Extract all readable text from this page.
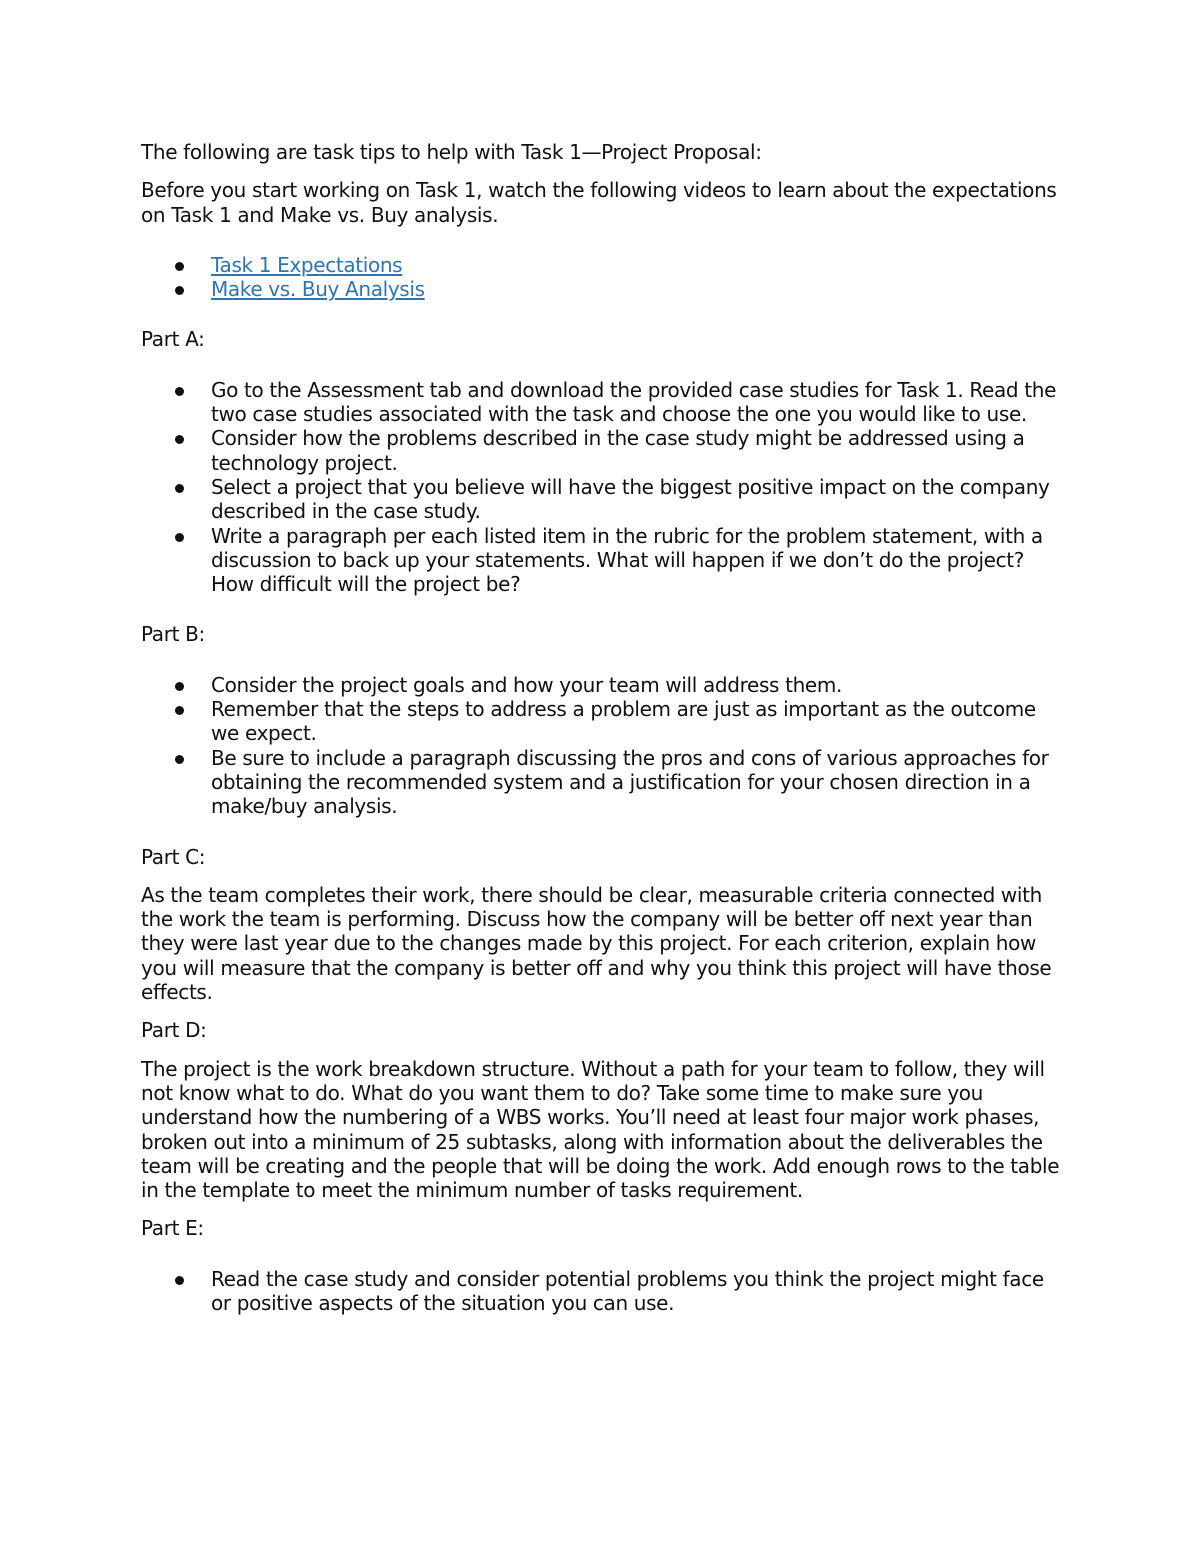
The following are task tips to help with Task 1—Project Proposal:

Before you start working on Task 1, watch the following videos to learn about the expectations on Task 1 and Make vs. Buy analysis.

Task 1 Expectations
Make vs. Buy Analysis

Part A:

Go to the Assessment tab and download the provided case studies for Task 1. Read the two case studies associated with the task and choose the one you would like to use.
Consider how the problems described in the case study might be addressed using a technology project.
Select a project that you believe will have the biggest positive impact on the company described in the case study.
Write a paragraph per each listed item in the rubric for the problem statement, with a discussion to back up your statements. What will happen if we don’t do the project? How difficult will the project be?

Part B:

Consider the project goals and how your team will address them.
Remember that the steps to address a problem are just as important as the outcome we expect.
Be sure to include a paragraph discussing the pros and cons of various approaches for obtaining the recommended system and a justification for your chosen direction in a make/buy analysis.

Part C:

As the team completes their work, there should be clear, measurable criteria connected with the work the team is performing. Discuss how the company will be better off next year than they were last year due to the changes made by this project. For each criterion, explain how you will measure that the company is better off and why you think this project will have those effects.

Part D:

The project is the work breakdown structure. Without a path for your team to follow, they will not know what to do. What do you want them to do? Take some time to make sure you understand how the numbering of a WBS works. You’ll need at least four major work phases, broken out into a minimum of 25 subtasks, along with information about the deliverables the team will be creating and the people that will be doing the work. Add enough rows to the table in the template to meet the minimum number of tasks requirement.

Part E:

Read the case study and consider potential problems you think the project might face or positive aspects of the situation you can use.
